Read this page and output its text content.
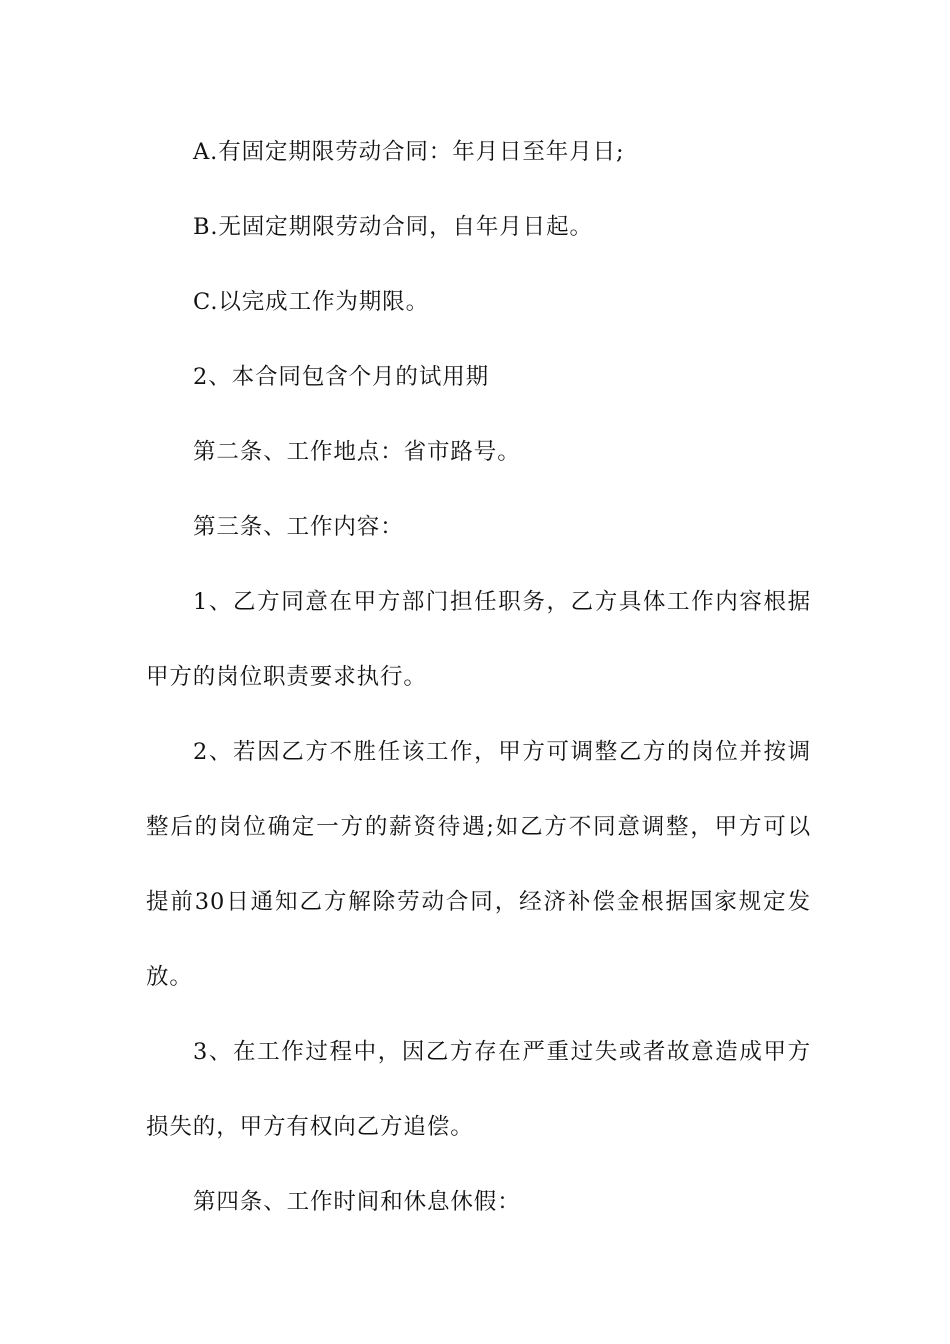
A.有固定期限劳动合同：年月日至年月日;
B.无固定期限劳动合同，自年月日起。
C.以完成工作为期限。
2、本合同包含个月的试用期
第二条、工作地点：省市路号。
第三条、工作内容：
1、乙方同意在甲方部门担任职务，乙方具体工作内容根据
甲方的岗位职责要求执行。
2、若因乙方不胜任该工作，甲方可调整乙方的岗位并按调
整后的岗位确定一方的薪资待遇;如乙方不同意调整，甲方可以
提前30日通知乙方解除劳动合同，经济补偿金根据国家规定发
放。
3、在工作过程中，因乙方存在严重过失或者故意造成甲方
损失的，甲方有权向乙方追偿。
第四条、工作时间和休息休假：
